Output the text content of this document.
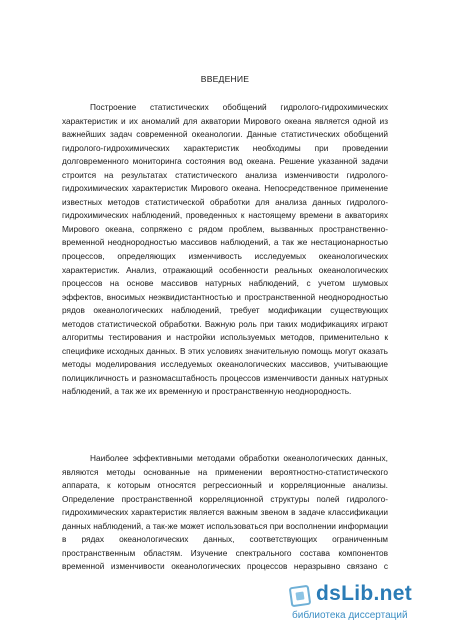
ВВЕДЕНИЕ
Построение статистических обобщений гидролого-гидрохимических
характеристик и их аномалий для акватории Мирового океана является одной из
важнейших задач современной океанологии. Данные статистических обобщений
гидролого-гидрохимических характеристик необходимы при проведении
долговременного мониторинга состояния вод океана. Решение указанной задачи
строится на результатах статистического анализа изменчивости гидролого-
гидрохимических характеристик Мирового океана. Непосредственное применение
известных методов статистической обработки для анализа данных гидролого-
гидрохимических наблюдений, проведенных к настоящему времени в акваториях
Мирового океана, сопряжено с рядом проблем, вызванных пространственно-
временной неоднородностью массивов наблюдений, а так же нестационарностью
процессов, определяющих изменчивость исследуемых океанологических
характеристик. Анализ, отражающий особенности реальных океанологических
процессов на основе массивов натурных наблюдений, с учетом шумовых
эффектов, вносимых неэквидистантностью и пространственной неоднородностью
рядов океанологических наблюдений, требует модификации существующих
методов статистической обработки. Важную роль при таких модификациях играют
алгоритмы тестирования и настройки используемых методов, применительно к
специфике исходных данных. В этих условиях значительную помощь могут оказать
методы моделирования исследуемых океанологических массивов, учитывающие
полицикличность и разномасштабность процессов изменчивости данных натурных
наблюдений, а так же их временную и пространственную неоднородность.
Наиболее эффективными методами обработки океанологических данных,
являются методы основанные на применении вероятностно-статистического
аппарата, к которым относятся регрессионный и корреляционные анализы.
Определение пространственной корреляционной структуры полей гидролого-
гидрохимических характеристик является важным звеном в задаче классификации
данных наблюдений, а так-же может использоваться при восполнении информации
в рядах океанологических данных, соответствующих ограниченным
пространственным областям. Изучение спектрального состава компонентов
временной изменчивости океанологических процессов неразрывно связано с
dsLib.net
библиотека диссертаций
